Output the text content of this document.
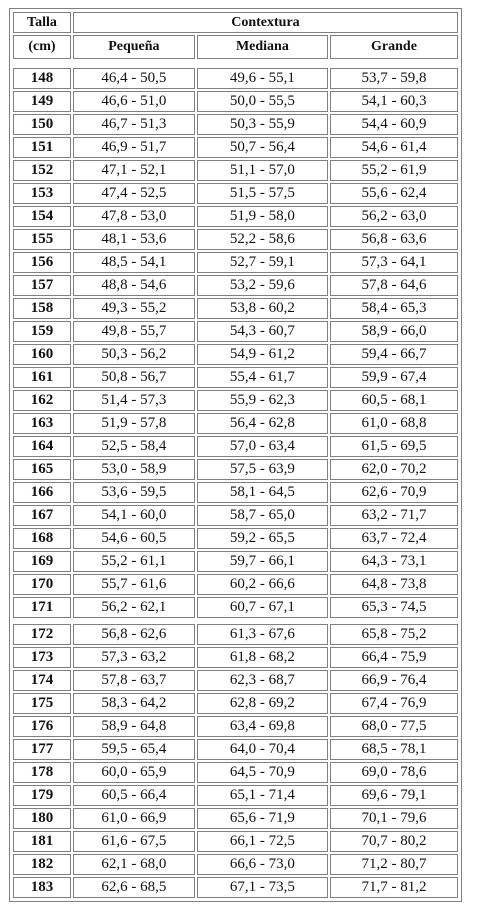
Talla	Contextura		
(cm)	Pequeña	Mediana	Grande
148	46,4 - 50,5	49,6 - 55,1	53,7 - 59,8
149	46,6 - 51,0	50,0 - 55,5	54,1 - 60,3
150	46,7 - 51,3	50,3 - 55,9	54,4 - 60,9
151	46,9 - 51,7	50,7 - 56,4	54,6 - 61,4
152	47,1 - 52,1	51,1 - 57,0	55,2 - 61,9
153	47,4 - 52,5	51,5 - 57,5	55,6 - 62,4
154	47,8 - 53,0	51,9 - 58,0	56,2 - 63,0
155	48,1 - 53,6	52,2 - 58,6	56,8 - 63,6
156	48,5 - 54,1	52,7 - 59,1	57,3 - 64,1
157	48,8 - 54,6	53,2 - 59,6	57,8 - 64,6
158	49,3 - 55,2	53,8 - 60,2	58,4 - 65,3
159	49,8 - 55,7	54,3 - 60,7	58,9 - 66,0
160	50,3 - 56,2	54,9 - 61,2	59,4 - 66,7
161	50,8 - 56,7	55,4 - 61,7	59,9 - 67,4
162	51,4 - 57,3	55,9 - 62,3	60,5 - 68,1
163	51,9 - 57,8	56,4 - 62,8	61,0 - 68,8
164	52,5 - 58,4	57,0 - 63,4	61,5 - 69,5
165	53,0 - 58,9	57,5 - 63,9	62,0 - 70,2
166	53,6 - 59,5	58,1 - 64,5	62,6 - 70,9
167	54,1 - 60,0	58,7 - 65,0	63,2 - 71,7
168	54,6 - 60,5	59,2 - 65,5	63,7 - 72,4
169	55,2 - 61,1	59,7 - 66,1	64,3 - 73,1
170	55,7 - 61,6	60,2 - 66,6	64,8 - 73,8
171	56,2 - 62,1	60,7 - 67,1	65,3 - 74,5
172	56,8 - 62,6	61,3 - 67,6	65,8 - 75,2
173	57,3 - 63,2	61,8 - 68,2	66,4 - 75,9
174	57,8 - 63,7	62,3 - 68,7	66,9 - 76,4
175	58,3 - 64,2	62,8 - 69,2	67,4 - 76,9
176	58,9 - 64,8	63,4 - 69,8	68,0 - 77,5
177	59,5 - 65,4	64,0 - 70,4	68,5 - 78,1
178	60,0 - 65,9	64,5 - 70,9	69,0 - 78,6
179	60,5 - 66,4	65,1 - 71,4	69,6 - 79,1
180	61,0 - 66,9	65,6 - 71,9	70,1 - 79,6
181	61,6 - 67,5	66,1 - 72,5	70,7 - 80,2
182	62,1 - 68,0	66,6 - 73,0	71,2 - 80,7
183	62,6 - 68,5	67,1 - 73,5	71,7 - 81,2
